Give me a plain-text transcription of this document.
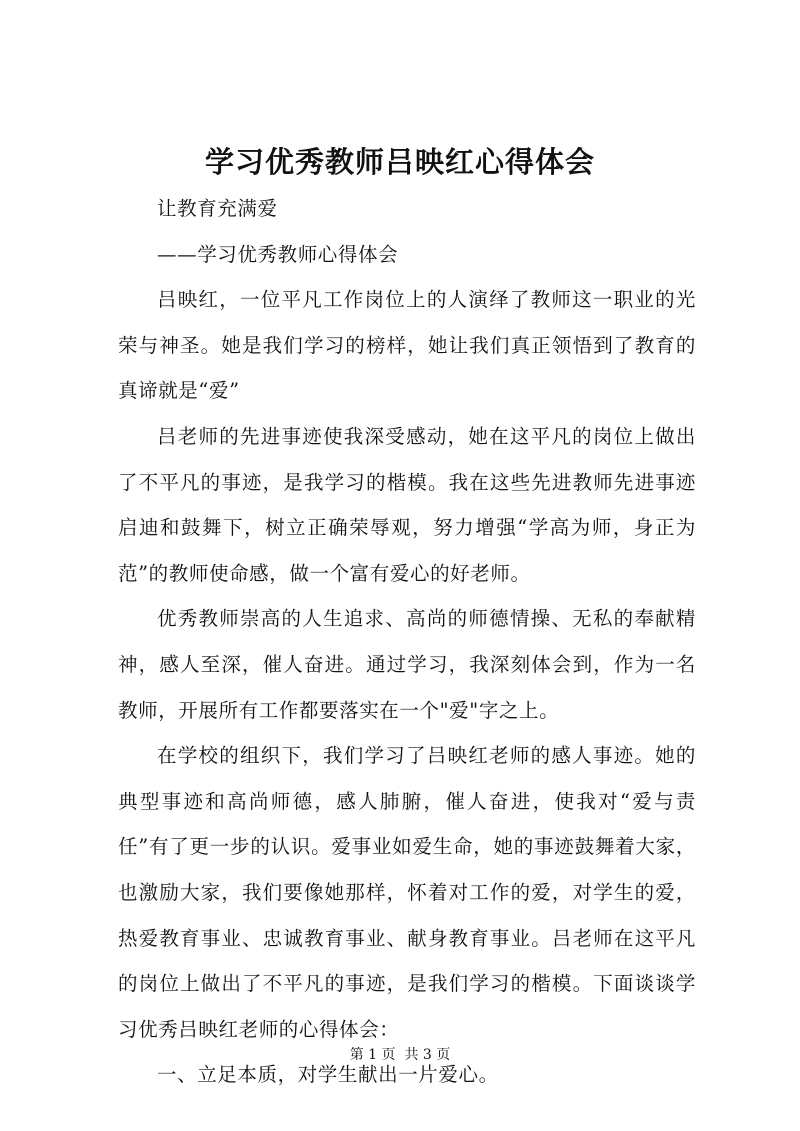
学习优秀教师吕映红心得体会

让教育充满爱

——学习优秀教师心得体会

吕映红，一位平凡工作岗位上的人演绎了教师这一职业的光荣与神圣。她是我们学习的榜样，她让我们真正领悟到了教育的真谛就是“爱”

吕老师的先进事迹使我深受感动，她在这平凡的岗位上做出了不平凡的事迹，是我学习的楷模。我在这些先进教师先进事迹启迪和鼓舞下，树立正确荣辱观，努力增强“学高为师，身正为范”的教师使命感，做一个富有爱心的好老师。

优秀教师崇高的人生追求、高尚的师德情操、无私的奉献精神，感人至深，催人奋进。通过学习，我深刻体会到，作为一名教师，开展所有工作都要落实在一个"爱"字之上。

在学校的组织下，我们学习了吕映红老师的感人事迹。她的典型事迹和高尚师德，感人肺腑，催人奋进，使我对“爱与责任”有了更一步的认识。爱事业如爱生命，她的事迹鼓舞着大家，也激励大家，我们要像她那样，怀着对工作的爱，对学生的爱，热爱教育事业、忠诚教育事业、献身教育事业。吕老师在这平凡的岗位上做出了不平凡的事迹，是我们学习的楷模。下面谈谈学习优秀吕映红老师的心得体会：

一、立足本质，对学生献出一片爱心。

第 1 页  共 3 页
